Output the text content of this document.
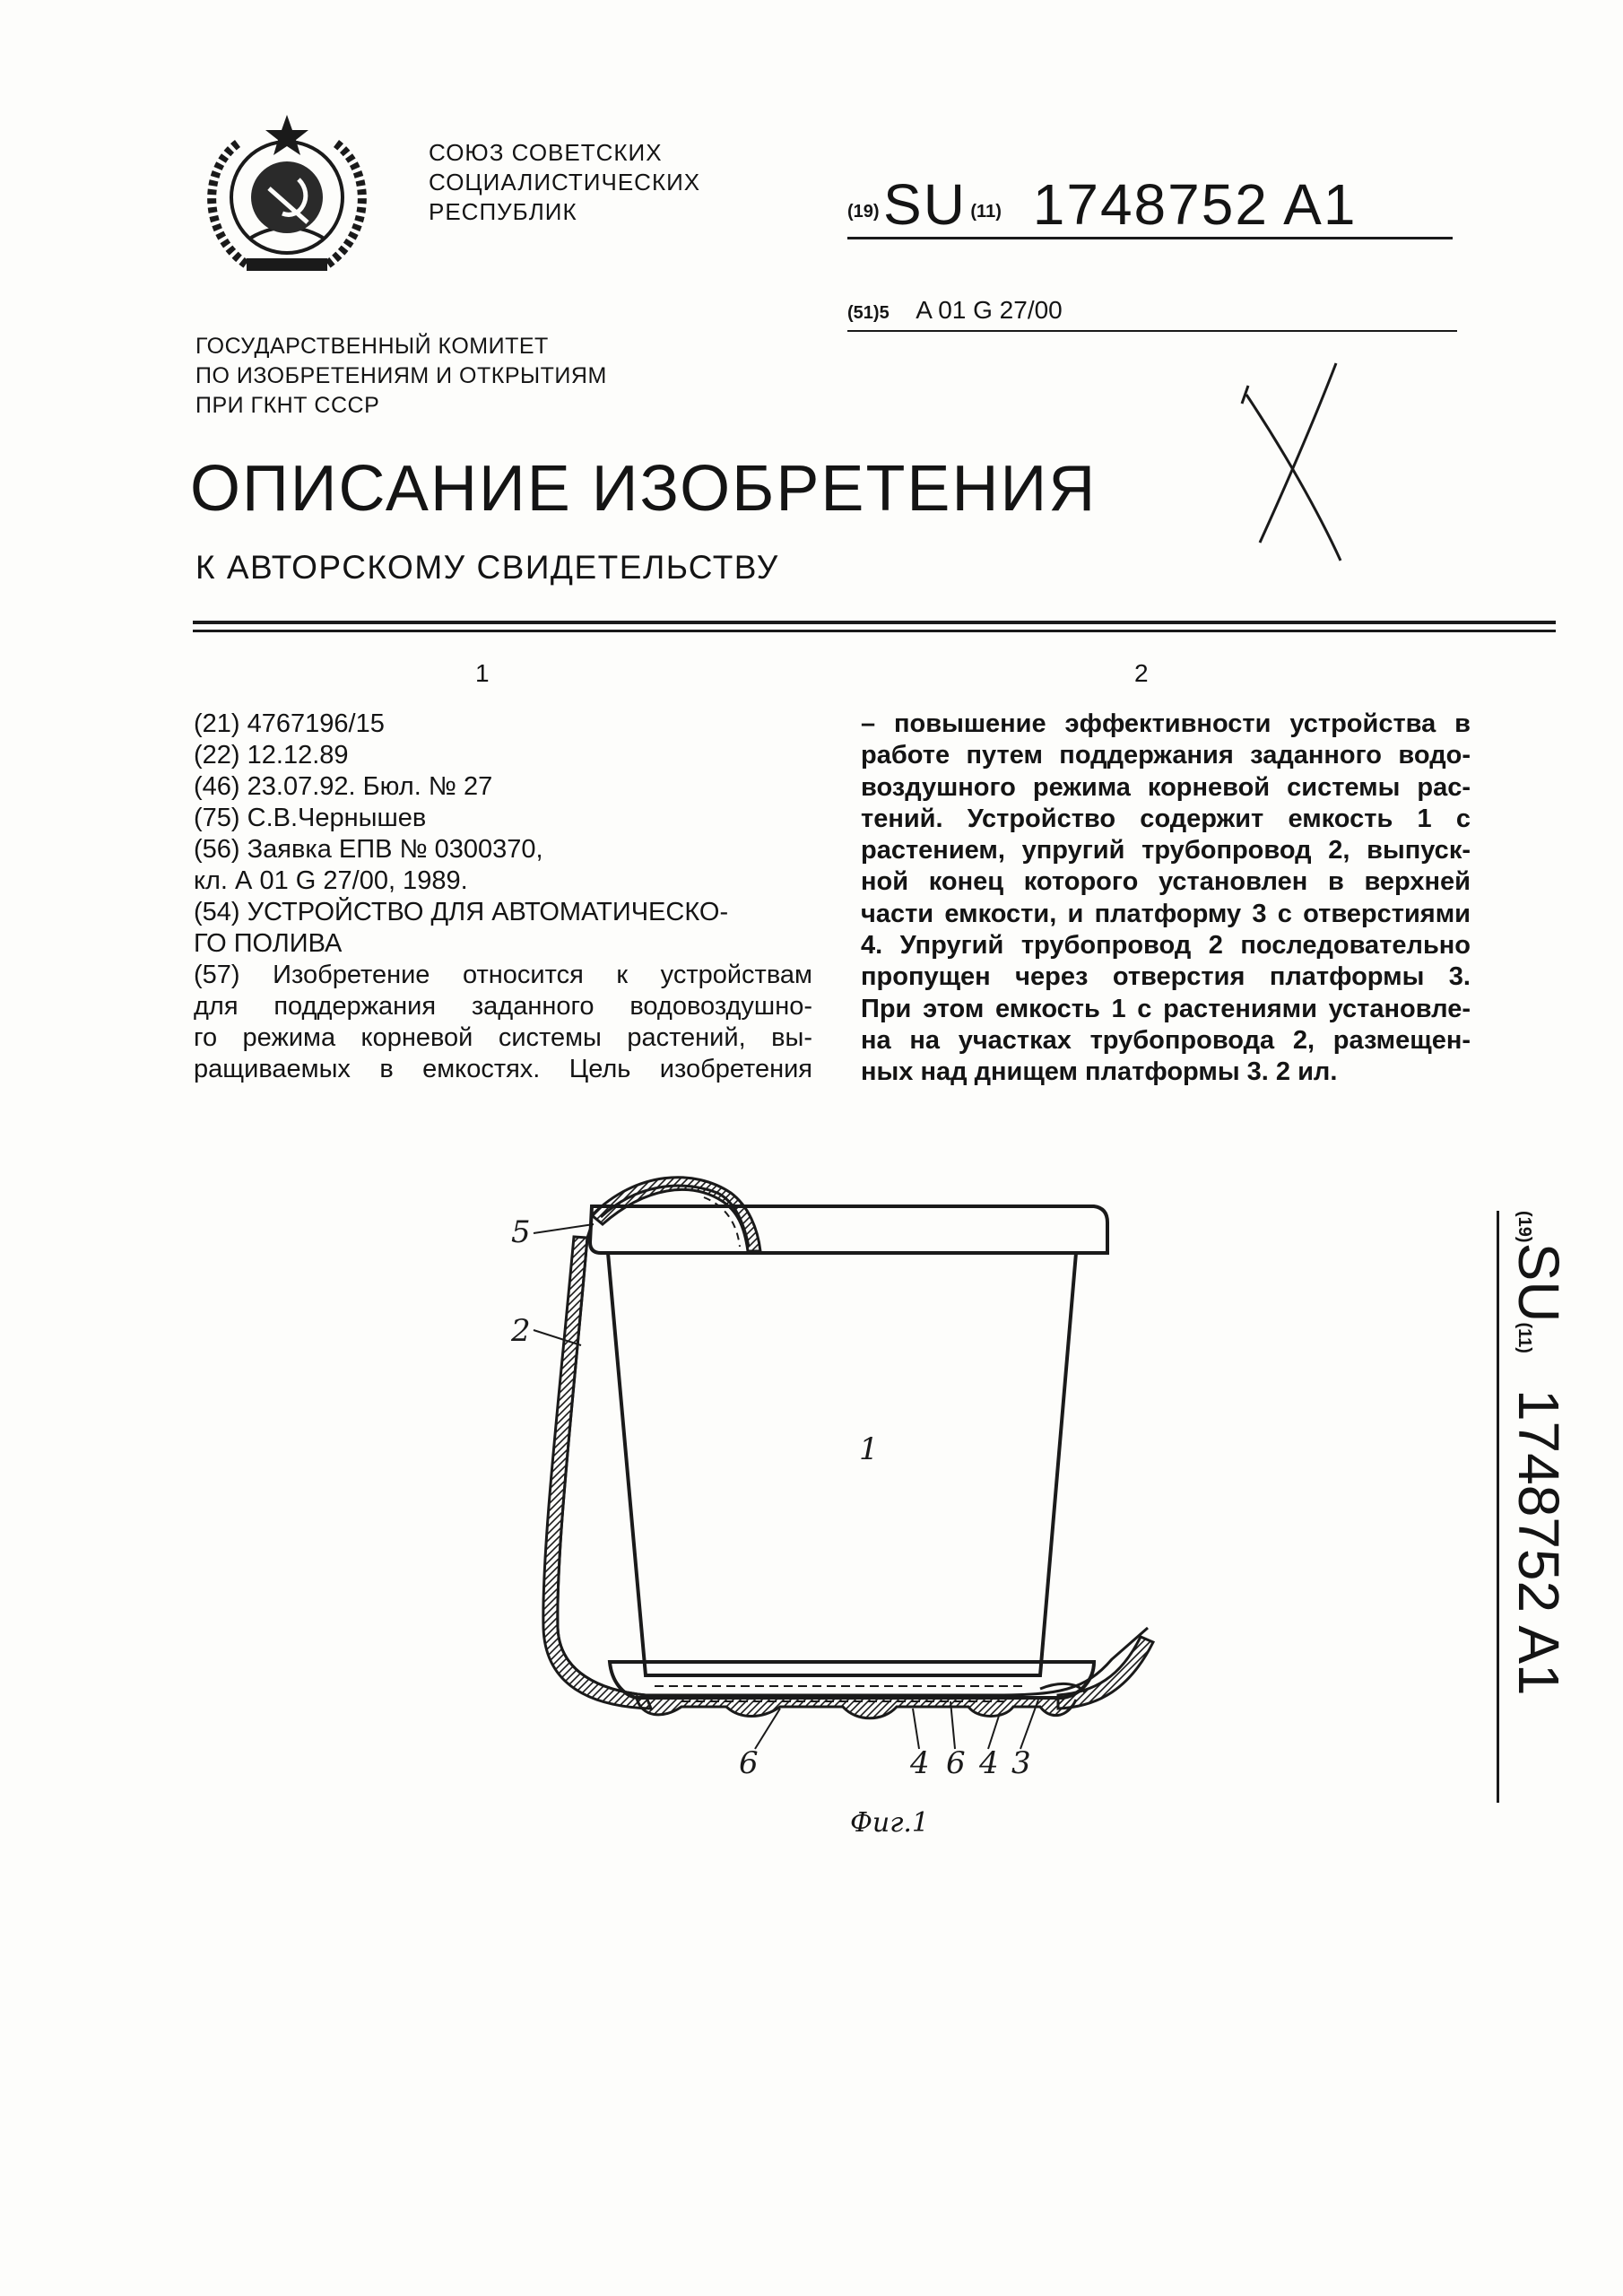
СОЮЗ СОВЕТСКИХ
СОЦИАЛИСТИЧЕСКИХ
РЕСПУБЛИК	(19) SU (11) 1748752 A1
(51)5 A 01 G 27/00
ГОСУДАРСТВЕННЫЙ КОМИТЕТ
ПО ИЗОБРЕТЕНИЯМ И ОТКРЫТИЯМ
ПРИ ГКНТ СССР
ОПИСАНИЕ ИЗОБРЕТЕНИЯ
К АВТОРСКОМУ СВИДЕТЕЛЬСТВУ
1	2
(21) 4767196/15
(22) 12.12.89
(46) 23.07.92. Бюл. № 27
(75) С.В.Чернышев
(56) Заявка ЕПВ № 0300370,
кл. А 01 G 27/00, 1989.
(54) УСТРОЙСТВО ДЛЯ АВТОМАТИЧЕСКО-
ГО ПОЛИВА
(57) Изобретение относится к устройствам
для поддержания заданного водовоздушно-
го режима корневой системы растений, вы-
ращиваемых в емкостях. Цель изобретения
– повышение эффективности устройства в
работе путем поддержания заданного водо-
воздушного режима корневой системы рас-
тений. Устройство содержит емкость 1 с
растением, упругий трубопровод 2, выпуск-
ной конец которого установлен в верхней
части емкости, и платформу 3 с отверстиями
4. Упругий трубопровод 2 последовательно
пропущен через отверстия платформы 3.
При этом емкость 1 с растениями установле-
на на участках трубопровода 2, размещен-
ных над днищем платформы 3. 2 ил.
5
2
1
6	4 6 4 3
Фиг.1
(19)
SU
(11)
1748752 A1
